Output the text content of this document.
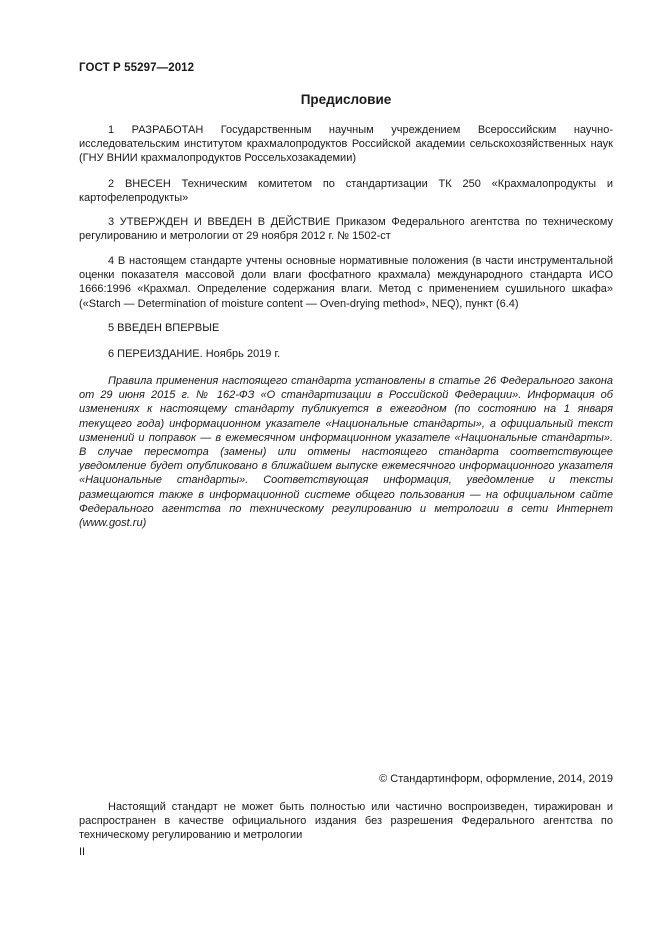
ГОСТ Р 55297—2012
Предисловие

1 РАЗРАБОТАН Государственным научным учреждением Всероссийским научно-исследовательским институтом крахмалопродуктов Российской академии сельскохозяйственных наук (ГНУ ВНИИ крахмалопродуктов Россельхозакадемии)

2 ВНЕСЕН Техническим комитетом по стандартизации ТК 250 «Крахмалопродукты и картофелепродукты»

3 УТВЕРЖДЕН И ВВЕДЕН В ДЕЙСТВИЕ Приказом Федерального агентства по техническому регулированию и метрологии от 29 ноября 2012 г. № 1502-ст

4 В настоящем стандарте учтены основные нормативные положения (в части инструментальной оценки показателя массовой доли влаги фосфатного крахмала) международного стандарта ИСО 1666:1996 «Крахмал. Определение содержания влаги. Метод с применением сушильного шкафа» («Starch — Determination of moisture content — Oven-drying method», NEQ), пункт (6.4)

5 ВВЕДЕН ВПЕРВЫЕ

6 ПЕРЕИЗДАНИЕ. Ноябрь 2019 г.

Правила применения настоящего стандарта установлены в статье 26 Федерального закона от 29 июня 2015 г. № 162-ФЗ «О стандартизации в Российской Федерации». Информация об изменениях к настоящему стандарту публикуется в ежегодном (по состоянию на 1 января текущего года) информационном указателе «Национальные стандарты», а официальный текст изменений и поправок — в ежемесячном информационном указателе «Национальные стандарты». В случае пересмотра (замены) или отмены настоящего стандарта соответствующее уведомление будет опубликовано в ближайшем выпуске ежемесячного информационного указателя «Национальные стандарты». Соответствующая информация, уведомление и тексты размещаются также в информационной системе общего пользования — на официальном сайте Федерального агентства по техническому регулированию и метрологии в сети Интернет (www.gost.ru)

© Стандартинформ, оформление, 2014, 2019

Настоящий стандарт не может быть полностью или частично воспроизведен, тиражирован и распространен в качестве официального издания без разрешения Федерального агентства по техническому регулированию и метрологии

II
